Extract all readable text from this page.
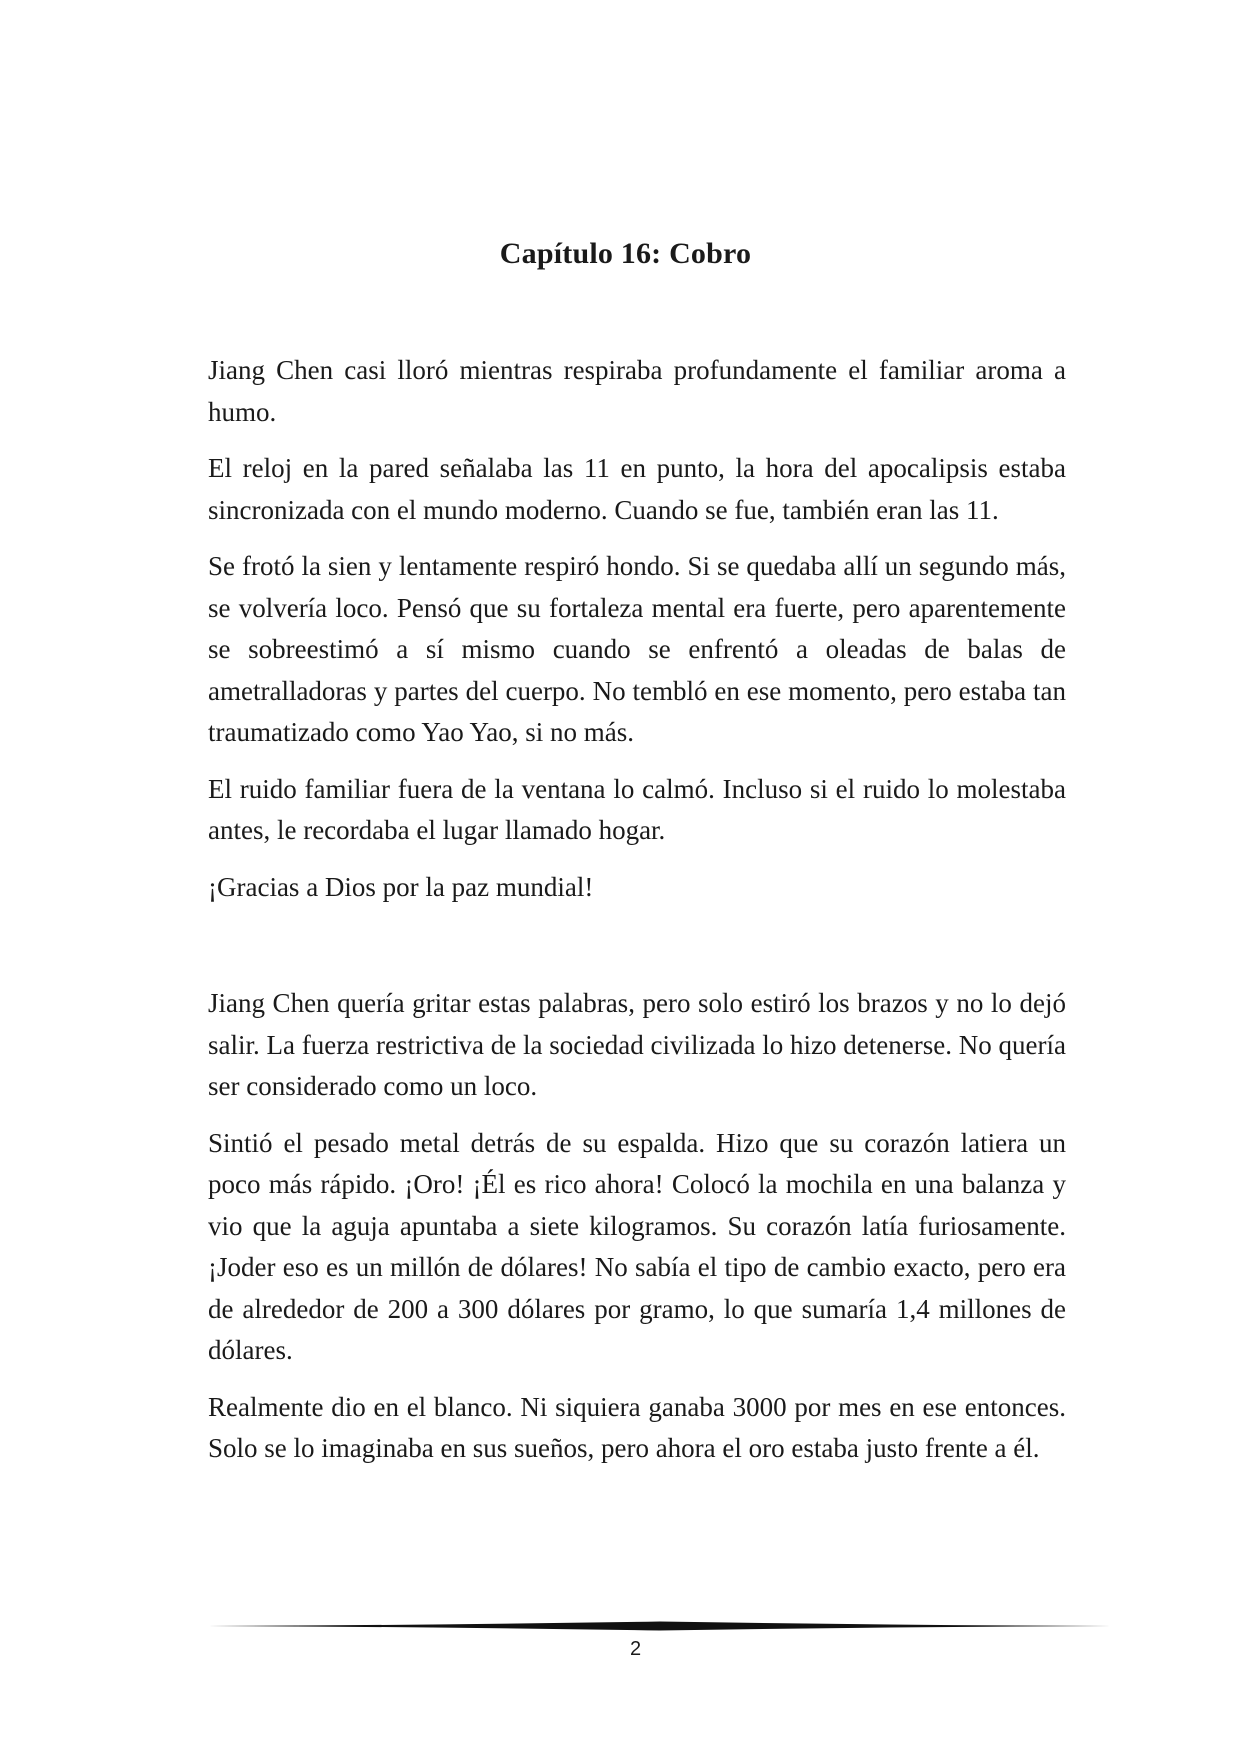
Capítulo 16: Cobro

Jiang Chen casi lloró mientras respiraba profundamente el familiar aroma a humo.

El reloj en la pared señalaba las 11 en punto, la hora del apocalipsis estaba sincronizada con el mundo moderno. Cuando se fue, también eran las 11.

Se frotó la sien y lentamente respiró hondo. Si se quedaba allí un segundo más, se volvería loco. Pensó que su fortaleza mental era fuerte, pero aparentemente se sobreestimó a sí mismo cuando se enfrentó a oleadas de balas de ametralladoras y partes del cuerpo. No tembló en ese momento, pero estaba tan traumatizado como Yao Yao, si no más.

El ruido familiar fuera de la ventana lo calmó. Incluso si el ruido lo molestaba antes, le recordaba el lugar llamado hogar.

¡Gracias a Dios por la paz mundial!

Jiang Chen quería gritar estas palabras, pero solo estiró los brazos y no lo dejó salir. La fuerza restrictiva de la sociedad civilizada lo hizo detenerse. No quería ser considerado como un loco.

Sintió el pesado metal detrás de su espalda. Hizo que su corazón latiera un poco más rápido. ¡Oro! ¡Él es rico ahora! Colocó la mochila en una balanza y vio que la aguja apuntaba a siete kilogramos. Su corazón latía furiosamente. ¡Joder eso es un millón de dólares! No sabía el tipo de cambio exacto, pero era de alrededor de 200 a 300 dólares por gramo, lo que sumaría 1,4 millones de dólares.

Realmente dio en el blanco. Ni siquiera ganaba 3000 por mes en ese entonces. Solo se lo imaginaba en sus sueños, pero ahora el oro estaba justo frente a él.

2
